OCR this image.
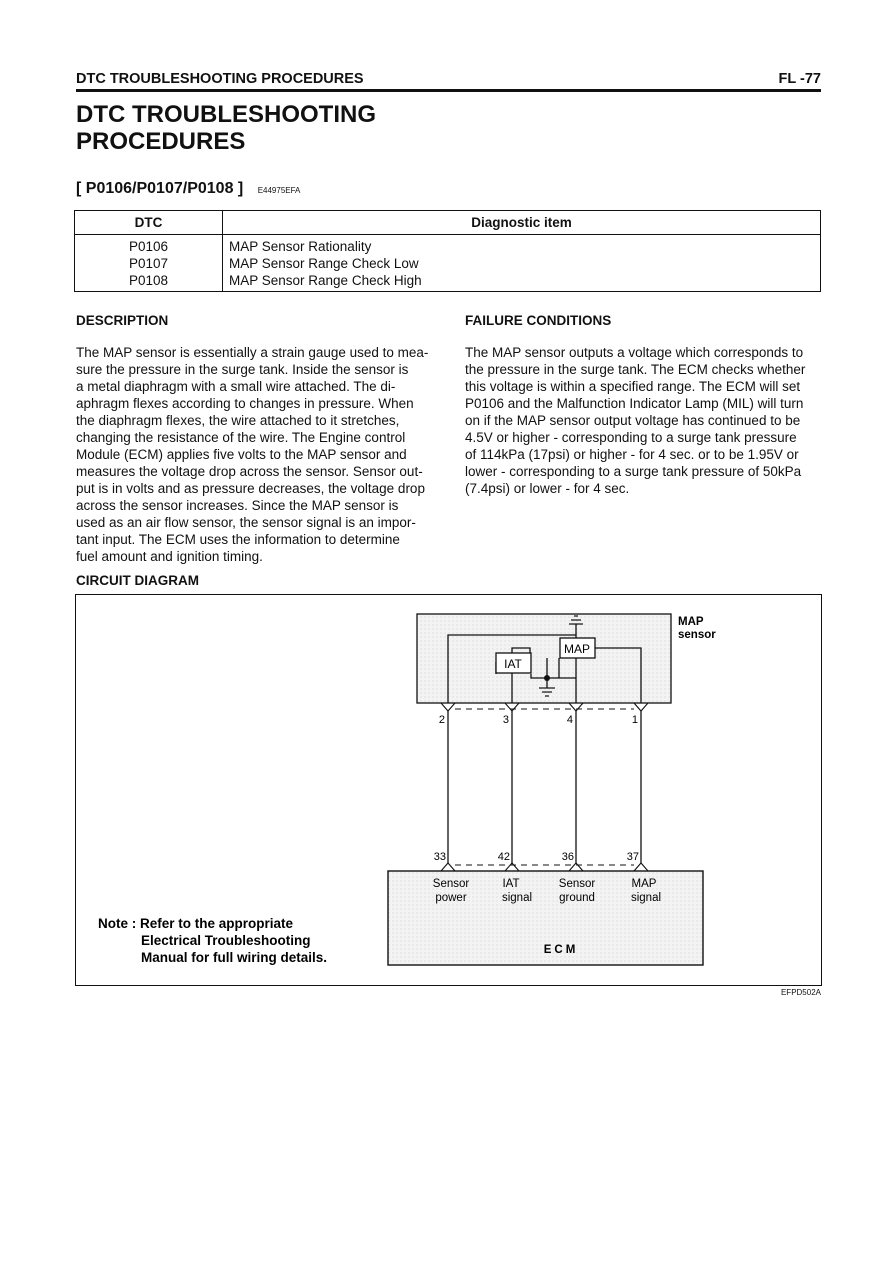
DTC TROUBLESHOOTING PROCEDURES	FL -77
DTC TROUBLESHOOTING PROCEDURES
[ P0106/P0107/P0108 ] E44975EFA
DTC	Diagnostic item
P0106	MAP Sensor Rationality
P0107	MAP Sensor Range Check Low
P0108	MAP Sensor Range Check High
DESCRIPTION
The MAP sensor is essentially a strain gauge used to mea-
sure the pressure in the surge tank. Inside the sensor is
a metal diaphragm with a small wire attached. The di-
aphragm flexes according to changes in pressure. When
the diaphragm flexes, the wire attached to it stretches,
changing the resistance of the wire. The Engine control
Module (ECM) applies five volts to the MAP sensor and
measures the voltage drop across the sensor. Sensor out-
put is in volts and as pressure decreases, the voltage drop
across the sensor increases. Since the MAP sensor is
used as an air flow sensor, the sensor signal is an impor-
tant input. The ECM uses the information to determine
fuel amount and ignition timing.
FAILURE CONDITIONS
The MAP sensor outputs a voltage which corresponds to
the pressure in the surge tank. The ECM checks whether
this voltage is within a specified range. The ECM will set
P0106 and the Malfunction Indicator Lamp (MIL) will turn
on if the MAP sensor output voltage has continued to be
4.5V or higher - corresponding to a surge tank pressure
of 114kPa (17psi) or higher - for 4 sec. or to be 1.95V or
lower - corresponding to a surge tank pressure of 50kPa
(7.4psi) or lower - for 4 sec.
CIRCUIT DIAGRAM
MAP
IAT
MAP
sensor
2	3	4	1
33	42	36	37
Sensor
power
IAT
signal
Sensor
ground
MAP
signal
ECM
Note : Refer to the appropriate
Electrical Troubleshooting
Manual for full wiring details.
EFPD502A
